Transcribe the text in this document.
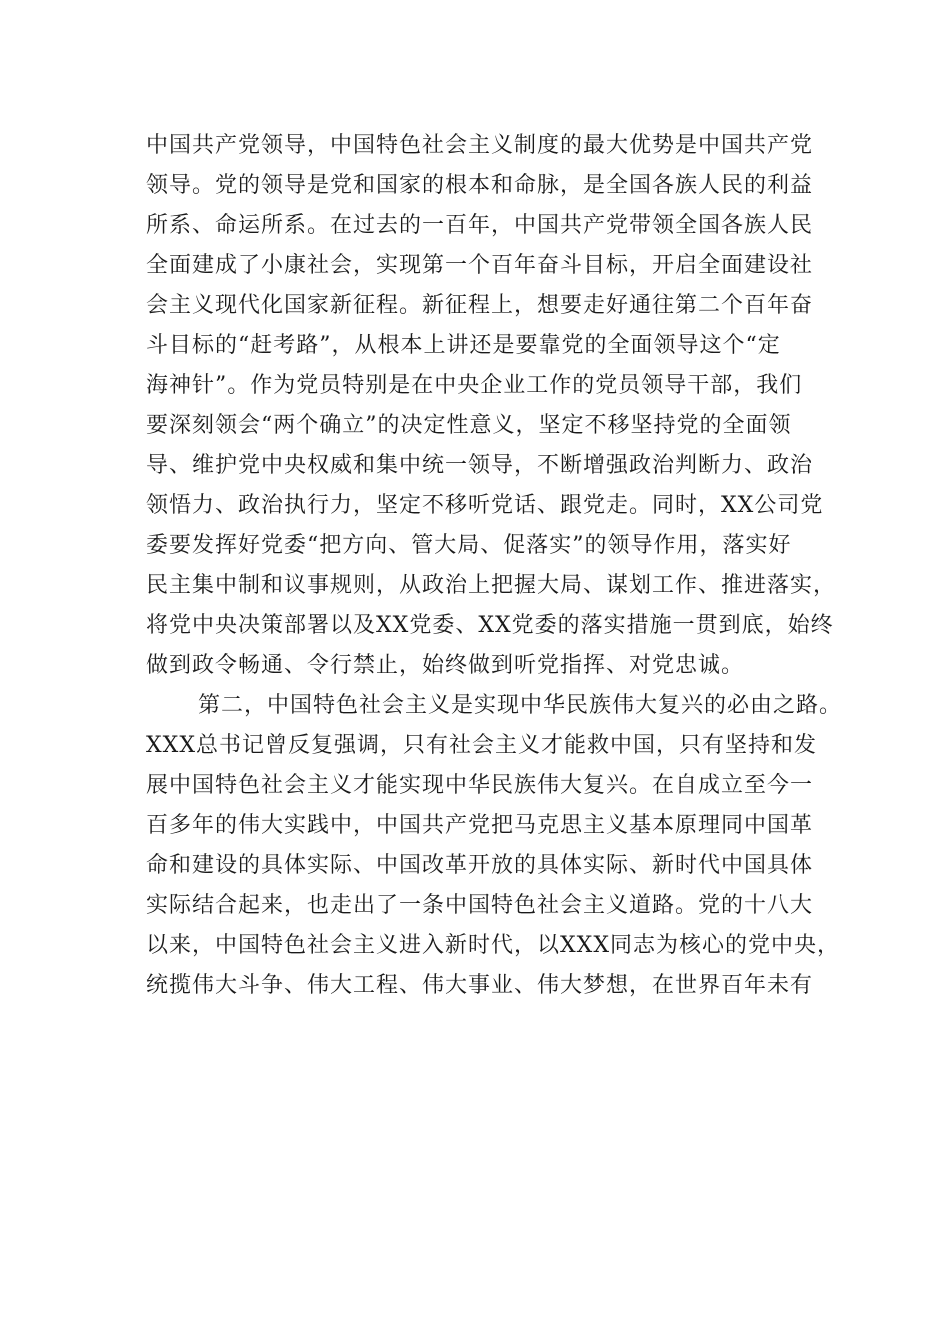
中国共产党领导，中国特色社会主义制度的最大优势是中国共产党
领导。党的领导是党和国家的根本和命脉，是全国各族人民的利益
所系、命运所系。在过去的一百年，中国共产党带领全国各族人民
全面建成了小康社会，实现第一个百年奋斗目标，开启全面建设社
会主义现代化国家新征程。新征程上，想要走好通往第二个百年奋
斗目标的“赶考路”，从根本上讲还是要靠党的全面领导这个“定
海神针”。作为党员特别是在中央企业工作的党员领导干部，我们
要深刻领会“两个确立”的决定性意义，坚定不移坚持党的全面领
导、维护党中央权威和集中统一领导，不断增强政治判断力、政治
领悟力、政治执行力，坚定不移听党话、跟党走。同时，XX公司党
委要发挥好党委“把方向、管大局、促落实”的领导作用，落实好
民主集中制和议事规则，从政治上把握大局、谋划工作、推进落实，
将党中央决策部署以及XX党委、XX党委的落实措施一贯到底，始终
做到政令畅通、令行禁止，始终做到听党指挥、对党忠诚。
第二，中国特色社会主义是实现中华民族伟大复兴的必由之路。
XXX总书记曾反复强调，只有社会主义才能救中国，只有坚持和发
展中国特色社会主义才能实现中华民族伟大复兴。在自成立至今一
百多年的伟大实践中，中国共产党把马克思主义基本原理同中国革
命和建设的具体实际、中国改革开放的具体实际、新时代中国具体
实际结合起来，也走出了一条中国特色社会主义道路。党的十八大
以来，中国特色社会主义进入新时代，以XXX同志为核心的党中央，
统揽伟大斗争、伟大工程、伟大事业、伟大梦想，在世界百年未有
